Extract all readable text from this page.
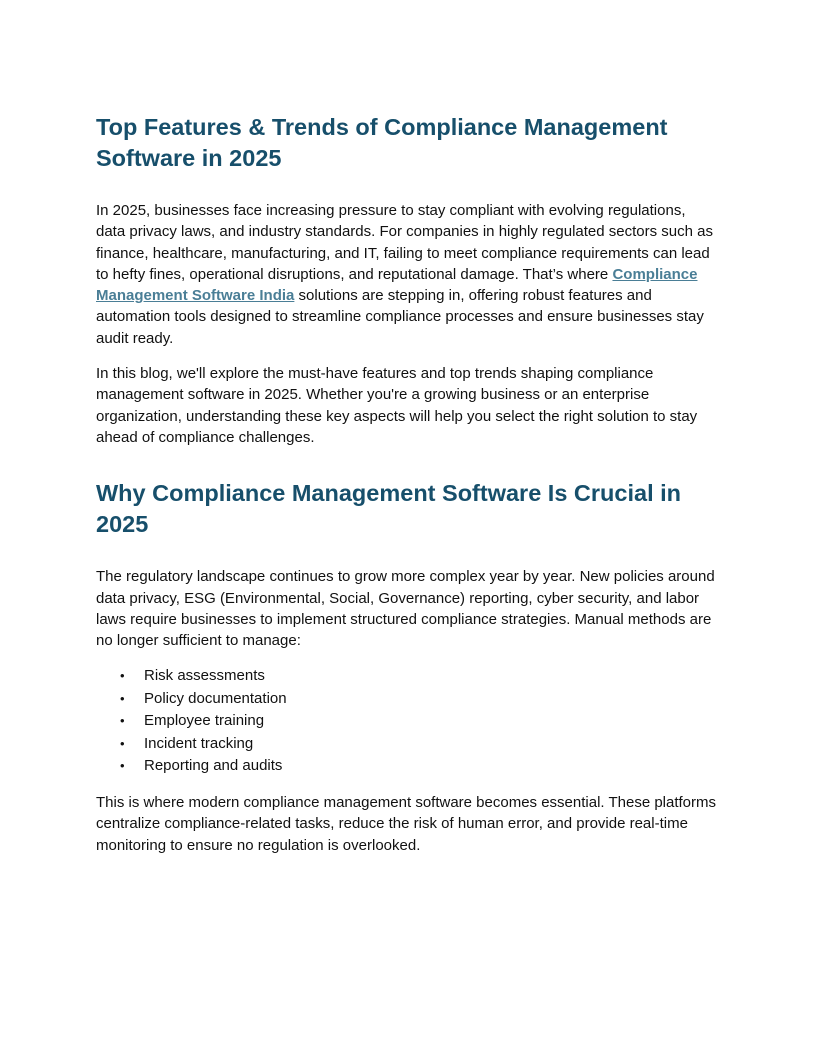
Top Features & Trends of Compliance Management Software in 2025

In 2025, businesses face increasing pressure to stay compliant with evolving regulations, data privacy laws, and industry standards. For companies in highly regulated sectors such as finance, healthcare, manufacturing, and IT, failing to meet compliance requirements can lead to hefty fines, operational disruptions, and reputational damage. That’s where Compliance Management Software India solutions are stepping in, offering robust features and automation tools designed to streamline compliance processes and ensure businesses stay audit ready.

In this blog, we'll explore the must-have features and top trends shaping compliance management software in 2025. Whether you're a growing business or an enterprise organization, understanding these key aspects will help you select the right solution to stay ahead of compliance challenges.

Why Compliance Management Software Is Crucial in 2025

The regulatory landscape continues to grow more complex year by year. New policies around data privacy, ESG (Environmental, Social, Governance) reporting, cyber security, and labor laws require businesses to implement structured compliance strategies. Manual methods are no longer sufficient to manage:

• Risk assessments
• Policy documentation
• Employee training
• Incident tracking
• Reporting and audits

This is where modern compliance management software becomes essential. These platforms centralize compliance-related tasks, reduce the risk of human error, and provide real-time monitoring to ensure no regulation is overlooked.
